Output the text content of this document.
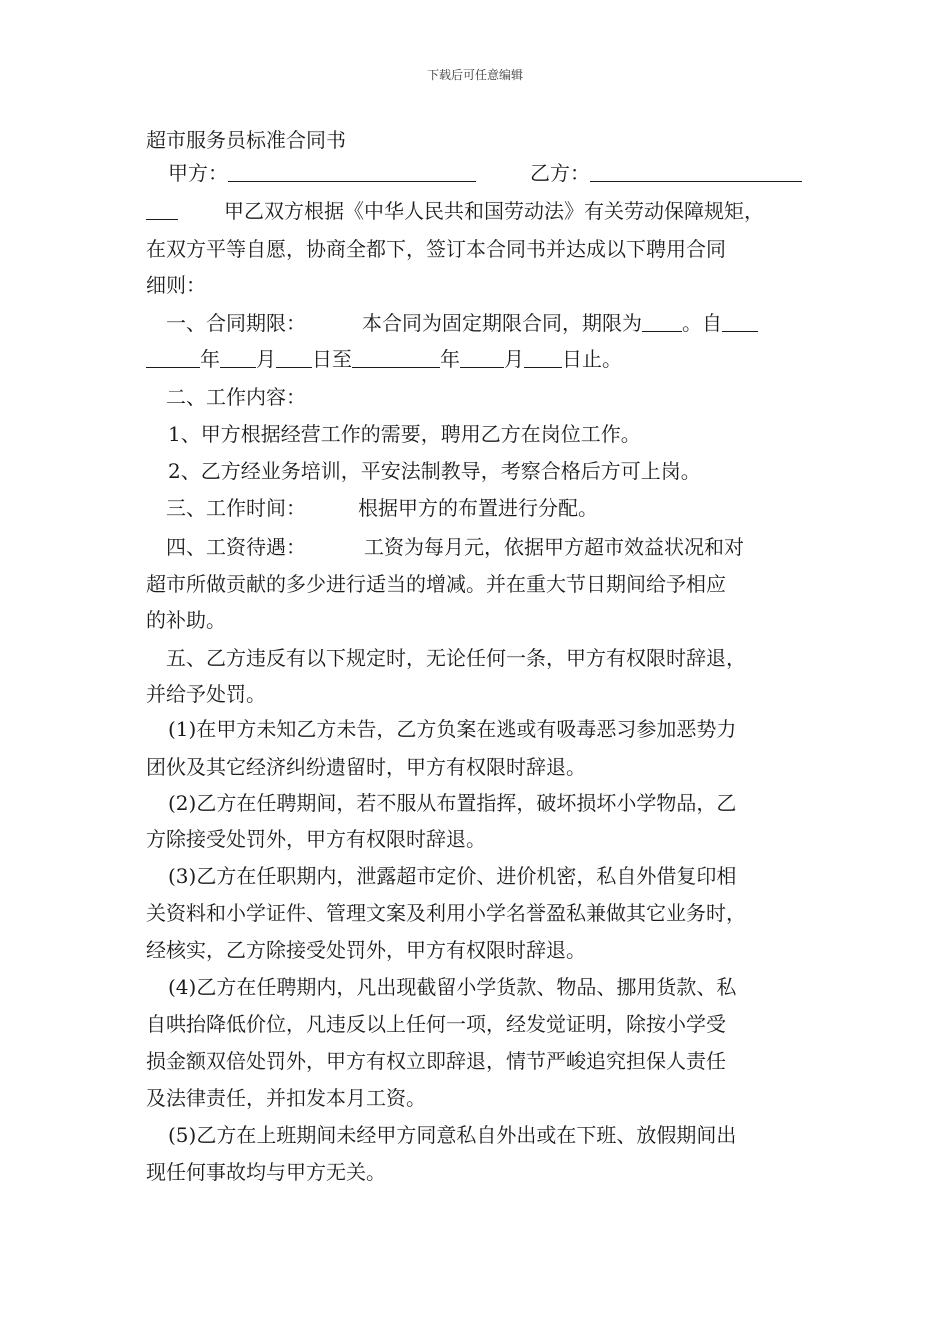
下载后可任意编辑
超市服务员标准合同书
甲方：	乙方：
甲乙双方根据《中华人民共和国劳动法》有关劳动保障规矩，
在双方平等自愿，协商全都下，签订本合同书并达成以下聘用合同
细则：
一、合同期限：	本合同为固定期限合同，期限为 。自
年 月 日至	年 月 日止。
二、工作内容：
1、甲方根据经营工作的需要，聘用乙方在岗位工作。
2、乙方经业务培训，平安法制教导，考察合格后方可上岗。
三、工作时间：	根据甲方的布置进行分配。
四、工资待遇：	工资为每月元，依据甲方超市效益状况和对
超市所做贡献的多少进行适当的增减。并在重大节日期间给予相应
的补助。
五、乙方违反有以下规定时，无论任何一条，甲方有权限时辞退，
并给予处罚。
(1)在甲方未知乙方未告，乙方负案在逃或有吸毒恶习参加恶势力
团伙及其它经济纠纷遗留时，甲方有权限时辞退。
(2)乙方在任聘期间，若不服从布置指挥，破坏损坏小学物品，乙
方除接受处罚外，甲方有权限时辞退。
(3)乙方在任职期内，泄露超市定价、进价机密，私自外借复印相
关资料和小学证件、管理文案及利用小学名誉盈私兼做其它业务时，
经核实，乙方除接受处罚外，甲方有权限时辞退。
(4)乙方在任聘期内，凡出现截留小学货款、物品、挪用货款、私
自哄抬降低价位，凡违反以上任何一项，经发觉证明，除按小学受
损金额双倍处罚外，甲方有权立即辞退，情节严峻追究担保人责任
及法律责任，并扣发本月工资。
(5)乙方在上班期间未经甲方同意私自外出或在下班、放假期间出
现任何事故均与甲方无关。
